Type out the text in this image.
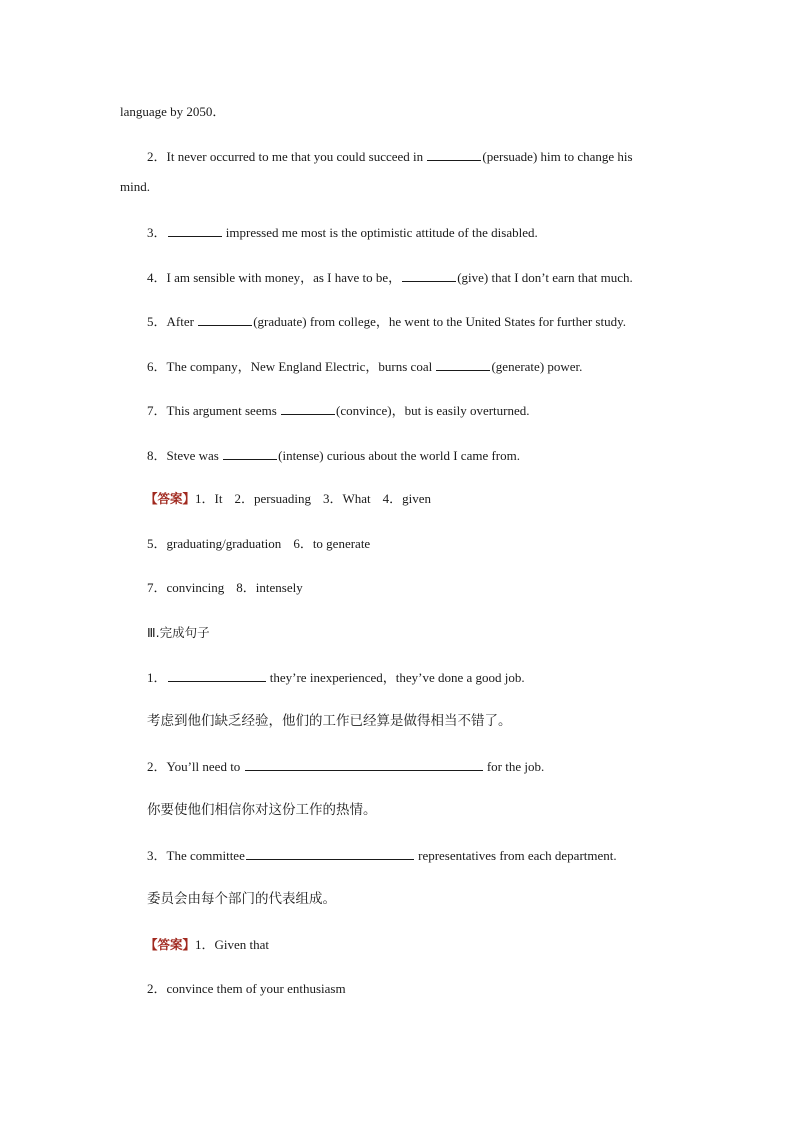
language by 2050．
2．It never occurred to me that you could succeed in	(persuade) him to change his
mind.
3．	impressed me most is the optimistic attitude of the disabled.
4．I am sensible with money，as I have to be，	(give) that I don’t earn that much.
5．After	(graduate) from college，he went to the United States for further study.
6．The company，New England Electric，burns coal	(generate) power.
7．This argument seems	(convince)，but is easily overturned.
8．Steve was	(intense) curious about the world I came from.
【答案】1．It 2．persuading 3．What 4．given
5．graduating/graduation 6．to generate
7．convincing 8．intensely
Ⅲ.完成句子
1．	they’re inexperienced，they’ve done a good job.
考虑到他们缺乏经验，他们的工作已经算是做得相当不错了。
2．You’ll need to	for the job.
你要使他们相信你对这份工作的热情。
3．The committee	representatives from each department.
委员会由每个部门的代表组成。
【答案】1．Given that
2．convince them of your enthusiasm
